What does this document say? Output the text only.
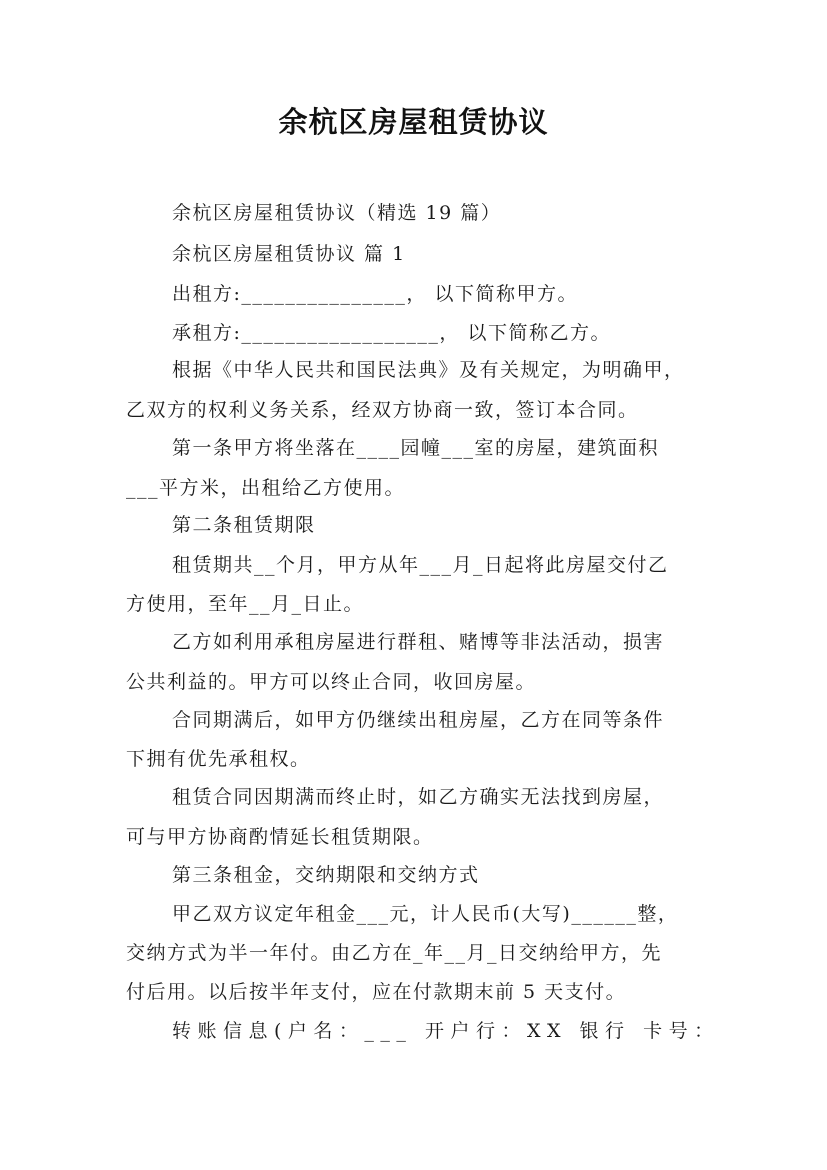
余杭区房屋租赁协议
余杭区房屋租赁协议（精选 19 篇）
余杭区房屋租赁协议 篇 1
出租方:_______________， 以下简称甲方。
承租方:__________________， 以下简称乙方。
根据《中华人民共和国民法典》及有关规定，为明确甲，
乙双方的权利义务关系，经双方协商一致，签订本合同。
第一条甲方将坐落在____园幢___室的房屋，建筑面积
___平方米，出租给乙方使用。
第二条租赁期限
租赁期共__个月，甲方从年___月_日起将此房屋交付乙
方使用，至年__月_日止。
乙方如利用承租房屋进行群租、赌博等非法活动，损害
公共利益的。甲方可以终止合同，收回房屋。
合同期满后，如甲方仍继续出租房屋，乙方在同等条件
下拥有优先承租权。
租赁合同因期满而终止时，如乙方确实无法找到房屋，
可与甲方协商酌情延长租赁期限。
第三条租金，交纳期限和交纳方式
甲乙双方议定年租金___元，计人民币(大写)______整，
交纳方式为半一年付。由乙方在_年__月_日交纳给甲方，先
付后用。以后按半年支付，应在付款期末前 5 天支付。
转账信息(户名：___ 开户行：XX 银行 卡号：
